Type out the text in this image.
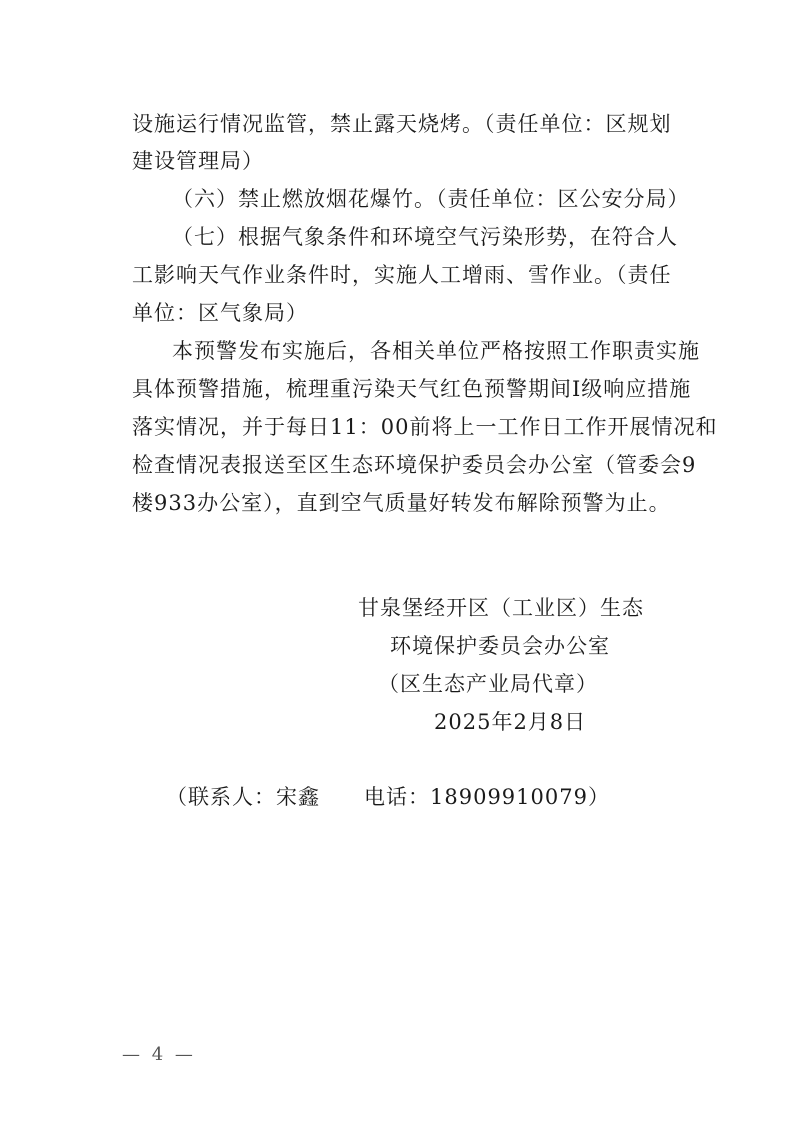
设施运行情况监管，禁止露天烧烤。（责任单位：区规划
建设管理局）
（六）禁止燃放烟花爆竹。（责任单位：区公安分局）
（七）根据气象条件和环境空气污染形势，在符合人
工影响天气作业条件时，实施人工增雨、雪作业。（责任
单位：区气象局）
本预警发布实施后，各相关单位严格按照工作职责实施
具体预警措施，梳理重污染天气红色预警期间Ⅰ级响应措施
落实情况，并于每日11：00前将上一工作日工作开展情况和
检查情况表报送至区生态环境保护委员会办公室（管委会9
楼933办公室），直到空气质量好转发布解除预警为止。
甘泉堡经开区（工业区）生态
环境保护委员会办公室
（区生态产业局代章）
2025年2月8日
（联系人：宋鑫　　电话：18909910079）
— 4 —
